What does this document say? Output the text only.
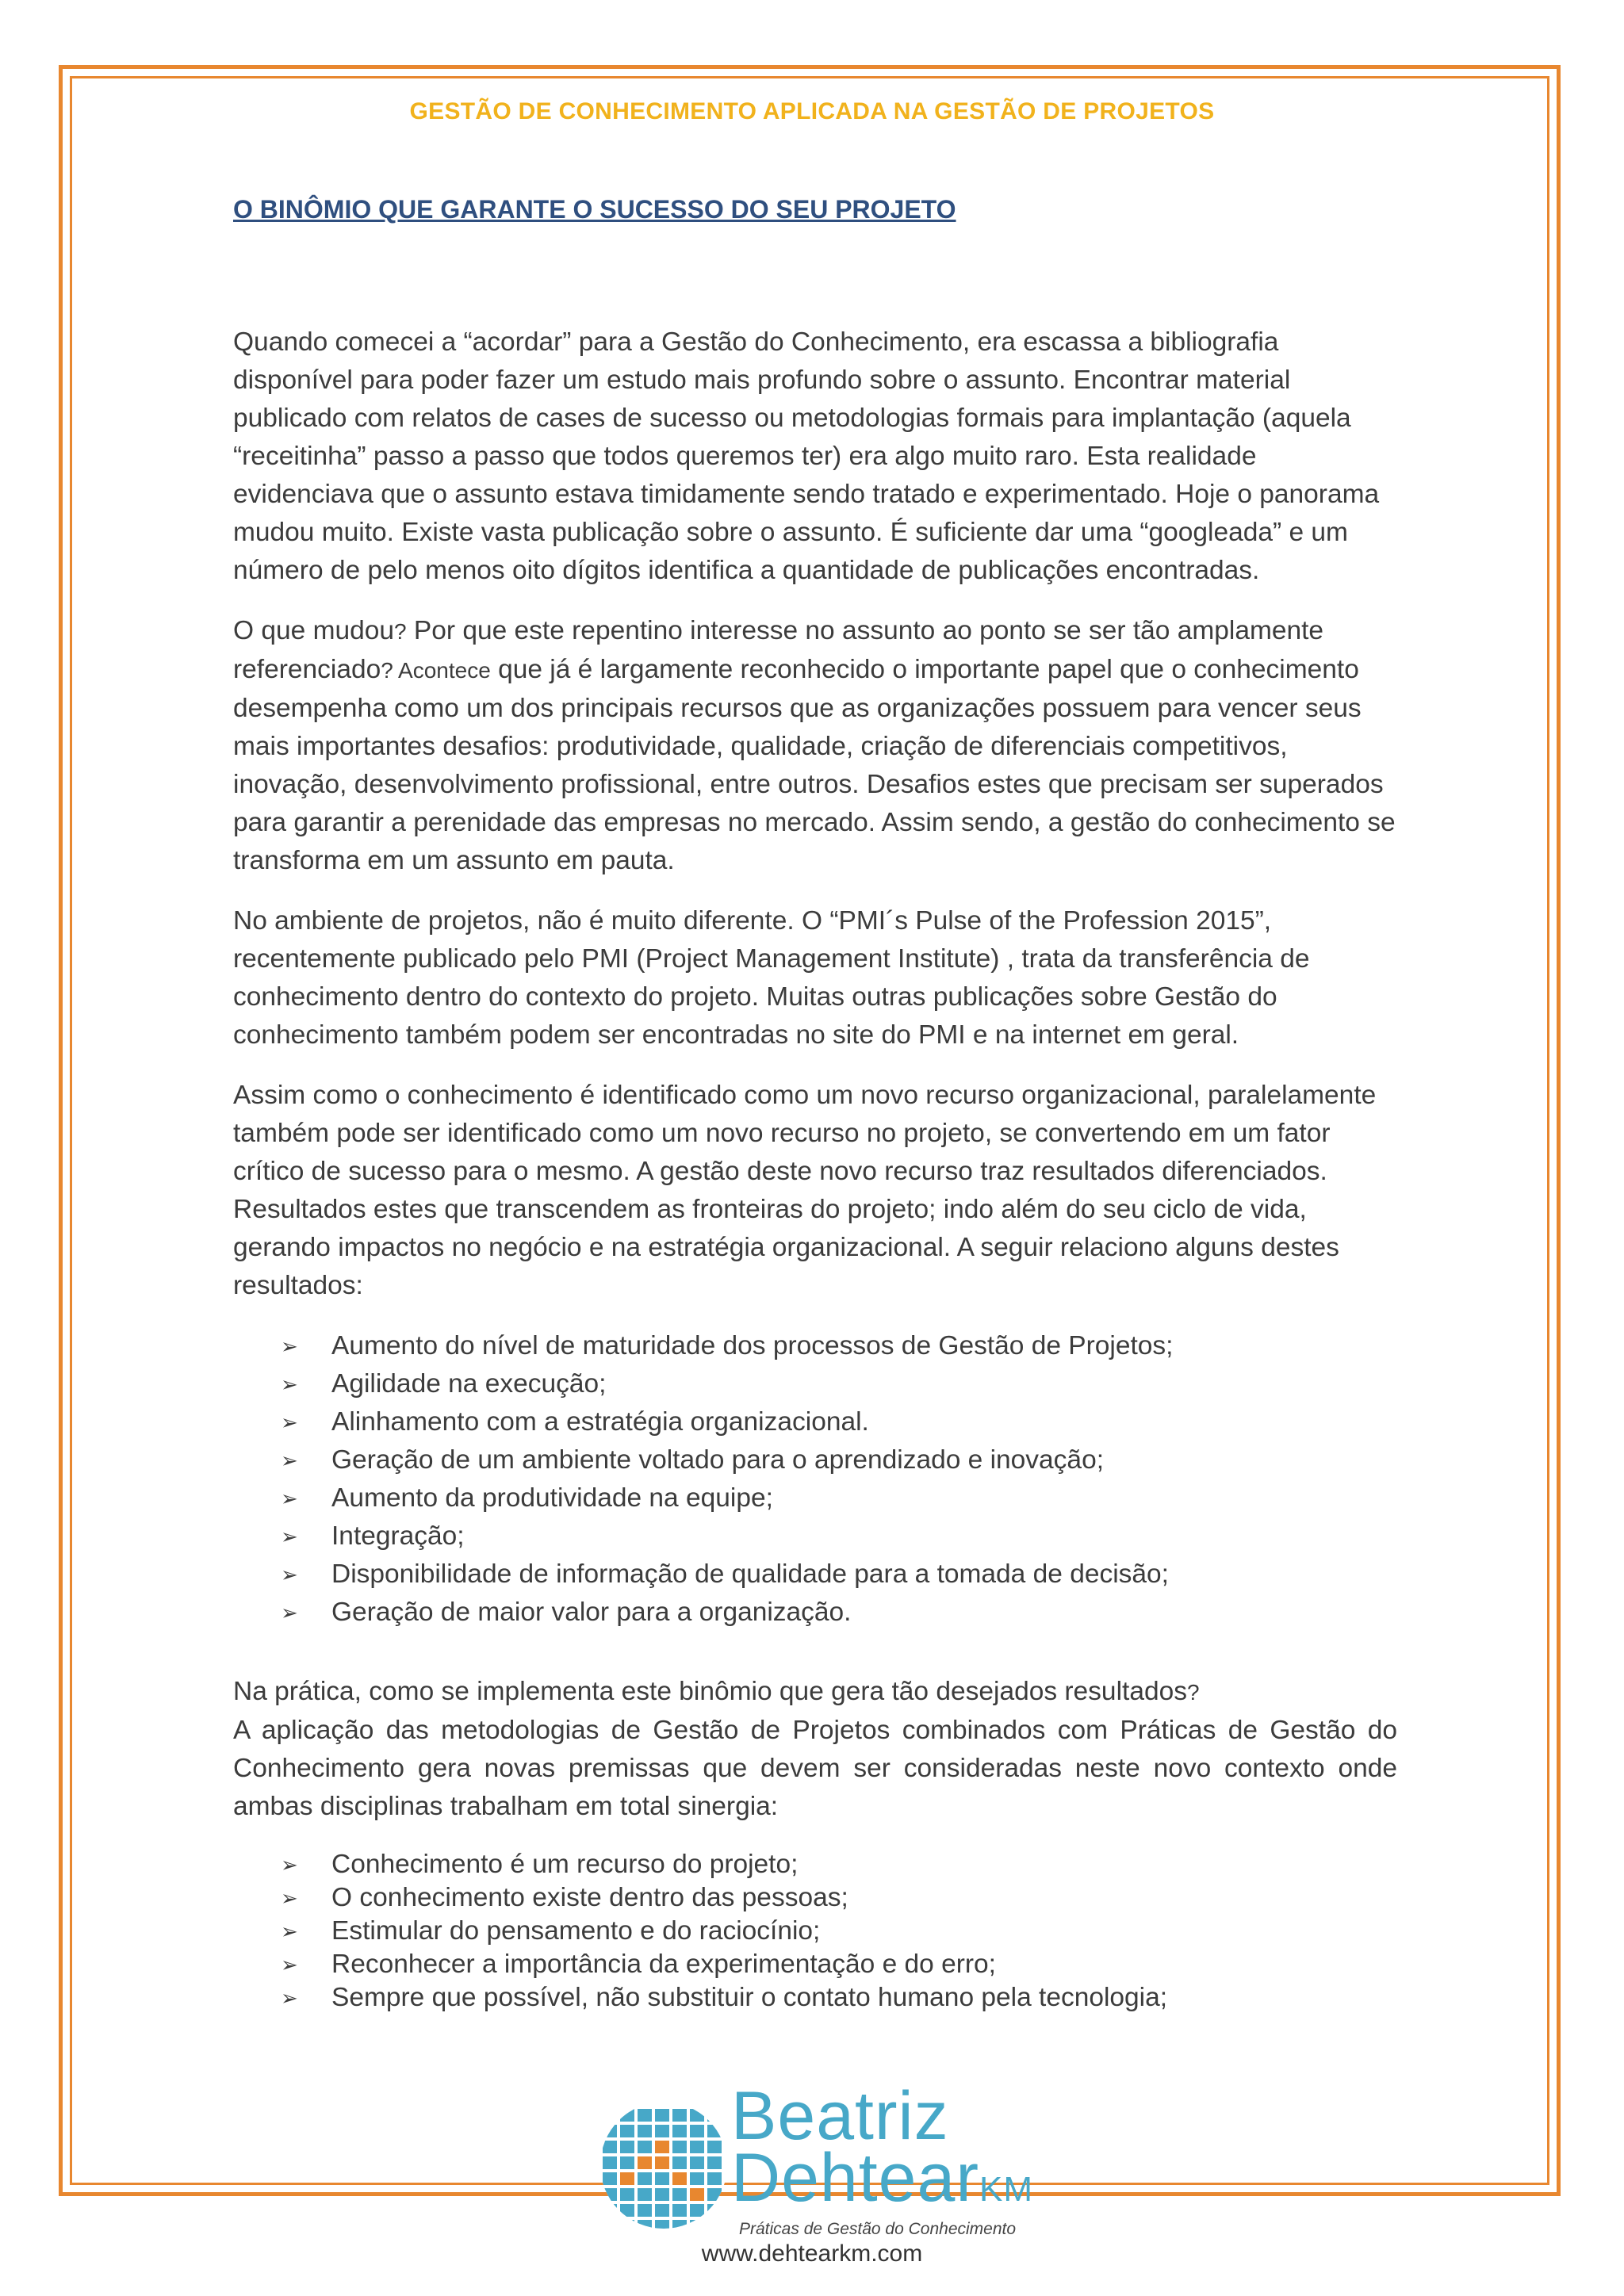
GESTÃO DE CONHECIMENTO APLICADA NA GESTÃO DE PROJETOS
O BINÔMIO QUE GARANTE O SUCESSO DO SEU PROJETO

Quando comecei a “acordar” para a Gestão do Conhecimento, era escassa a bibliografia disponível para poder fazer um estudo mais profundo sobre o assunto. Encontrar material publicado com relatos de cases de sucesso ou metodologias formais para implantação (aquela “receitinha” passo a passo que todos queremos ter) era algo muito raro. Esta realidade evidenciava que o assunto estava timidamente sendo tratado e experimentado. Hoje o panorama mudou muito. Existe vasta publicação sobre o assunto. É suficiente dar uma “googleada” e um número de pelo menos oito dígitos identifica a quantidade de publicações encontradas.

O que mudou? Por que este repentino interesse no assunto ao ponto se ser tão amplamente referenciado? Acontece que já é largamente reconhecido o importante papel que o conhecimento desempenha como um dos principais recursos que as organizações possuem para vencer seus mais importantes desafios: produtividade, qualidade, criação de diferenciais competitivos, inovação, desenvolvimento profissional, entre outros. Desafios estes que precisam ser superados para garantir a perenidade das empresas no mercado. Assim sendo, a gestão do conhecimento se transforma em um assunto em pauta.

No ambiente de projetos, não é muito diferente. O “PMI´s Pulse of the Profession 2015”, recentemente publicado pelo PMI (Project Management Institute) , trata da transferência de conhecimento dentro do contexto do projeto. Muitas outras publicações sobre Gestão do conhecimento também podem ser encontradas no site do PMI e na internet em geral.

Assim como o conhecimento é identificado como um novo recurso organizacional, paralelamente também pode ser identificado como um novo recurso no projeto, se convertendo em um fator crítico de sucesso para o mesmo. A gestão deste novo recurso traz resultados diferenciados. Resultados estes que transcendem as fronteiras do projeto; indo além do seu ciclo de vida, gerando impactos no negócio e na estratégia organizacional. A seguir relaciono alguns destes resultados:

➢ Aumento do nível de maturidade dos processos de Gestão de Projetos;
➢ Agilidade na execução;
➢ Alinhamento com a estratégia organizacional.
➢ Geração de um ambiente voltado para o aprendizado e inovação;
➢ Aumento da produtividade na equipe;
➢ Integração;
➢ Disponibilidade de informação de qualidade para a tomada de decisão;
➢ Geração de maior valor para a organização.

Na prática, como se implementa este binômio que gera tão desejados resultados?

A aplicação das metodologias de Gestão de Projetos combinados com Práticas de Gestão do Conhecimento gera novas premissas que devem ser consideradas neste novo contexto onde ambas disciplinas trabalham em total sinergia:

➢ Conhecimento é um recurso do projeto;
➢ O conhecimento existe dentro das pessoas;
➢ Estimular do pensamento e do raciocínio;
➢ Reconhecer a importância da experimentação e do erro;
➢ Sempre que possível, não substituir o contato humano pela tecnologia;
Beatriz
DehtearKM
Práticas de Gestão do Conhecimento
www.dehtearkm.com
